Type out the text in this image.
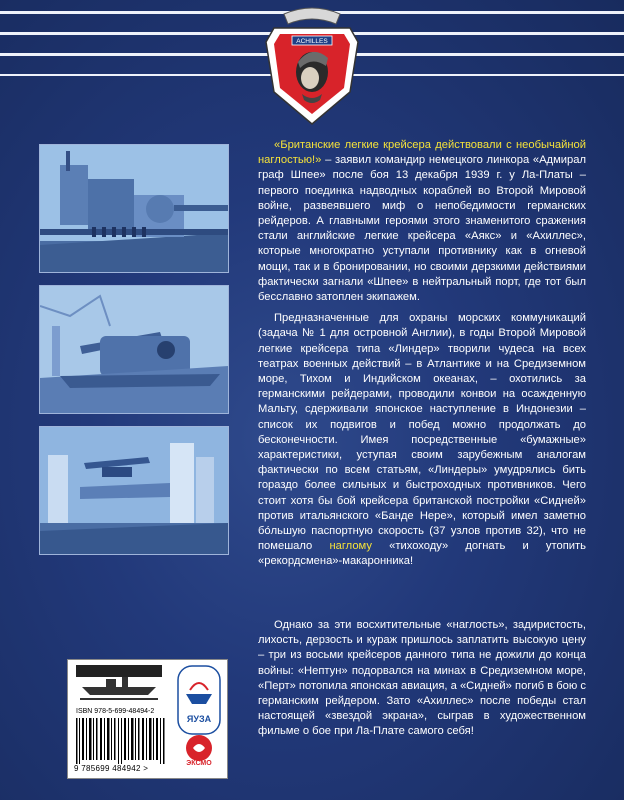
ACHILLES

«Британские легкие крейсера действовали с необычайной наглостью!» – заявил командир немецкого линкора «Адмирал граф Шпее» после боя 13 декабря 1939 г. у Ла-Платы – первого поединка надводных кораблей во Второй Мировой войне, развеявшего миф о непобедимости германских рейдеров. А главными героями этого знаменитого сражения стали английские легкие крейсера «Аякс» и «Ахиллес», которые многократно уступали противнику как в огневой мощи, так и в бронировании, но своими дерзкими действиями фактически загнали «Шпее» в нейтральный порт, где тот был бесславно затоплен экипажем.

Предназначенные для охраны морских коммуникаций (задача № 1 для островной Англии), в годы Второй Мировой легкие крейсера типа «Линдер» творили чудеса на всех театрах военных действий – в Атлантике и на Средиземном море, Тихом и Индийском океанах, – охотились за германскими рейдерами, проводили конвои на осажденную Мальту, сдерживали японское наступление в Индонезии – список их подвигов и побед можно продолжать до бесконечности. Имея посредственные «бумажные» характеристики, уступая своим зарубежным аналогам фактически по всем статьям, «Линдеры» умудрялись бить гораздо более сильных и быстроходных противников. Чего стоит хотя бы бой крейсера британской постройки «Сидней» против итальянского «Банде Нере», который имел заметно бо́льшую паспортную скорость (37 узлов против 32), что не помешало наглому «тихоходу» догнать и утопить «рекордсмена»-макаронника!

Однако за эти восхитительные «наглость», задиристость, лихость, дерзость и кураж пришлось заплатить высокую цену – три из восьми крейсеров данного типа не дожили до конца войны: «Нептун» подорвался на минах в Средиземном море, «Перт» потопила японская авиация, а «Сидней» погиб в бою с германским рейдером. Зато «Ахиллес» после победы стал настоящей «звездой экрана», сыграв в художественном фильме о бое при Ла-Плате самого себя!

ISBN 978-5-699-48494-2
9 785699 484942 >
ЯУЗА
ЭКСМО
